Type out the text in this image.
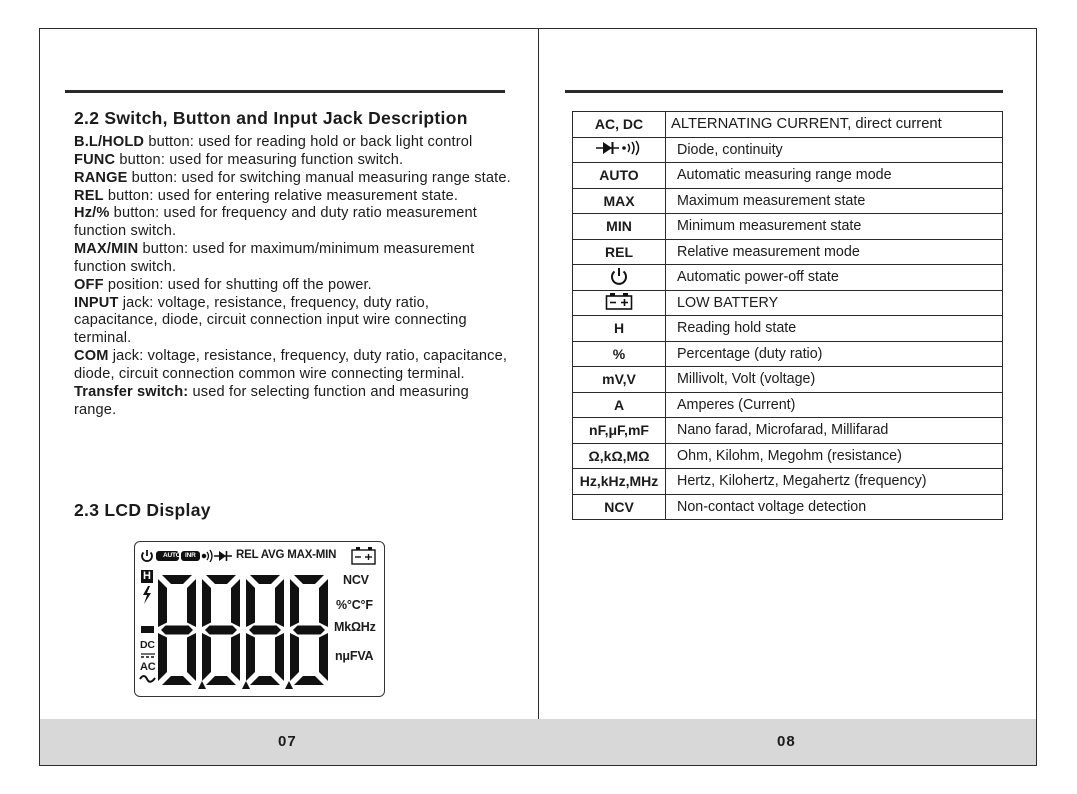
2.2 Switch, Button and Input Jack Description

B.L/HOLD button: used for reading hold or back light control

FUNC button: used for measuring function switch.

RANGE button: used for switching manual measuring range state.

REL button: used for entering relative measurement state.

Hz/% button: used for frequency and duty ratio measurement function switch.

MAX/MIN button: used for maximum/minimum measurement function switch.

OFF position: used for shutting off the power.

INPUT jack: voltage, resistance, frequency, duty ratio, capacitance, diode, circuit connection input wire connecting terminal.

COM jack: voltage, resistance, frequency, duty ratio, capacitance, diode, circuit connection common wire connecting terminal.

Transfer switch: used for selecting function and measuring range.

2.3 LCD Display
AUTO INR	REL AVG MAX-MIN
H
DC
AC
NCV
%°C°F
MkΩHz
nμFVA
07
AC, DC	ALTERNATING CURRENT, direct current
	Diode, continuity
AUTO	Automatic measuring range mode
MAX	Maximum measurement state
MIN	Minimum measurement state
REL	Relative measurement mode
	Automatic power-off state
	LOW BATTERY
H	Reading hold state
%	Percentage (duty ratio)
mV,V	Millivolt, Volt (voltage)
A	Amperes (Current)
nF,μF,mF	Nano farad, Microfarad, Millifarad
Ω,kΩ,MΩ	Ohm, Kilohm, Megohm (resistance)
Hz,kHz,MHz	Hertz, Kilohertz, Megahertz (frequency)
NCV	Non-contact voltage detection
08
